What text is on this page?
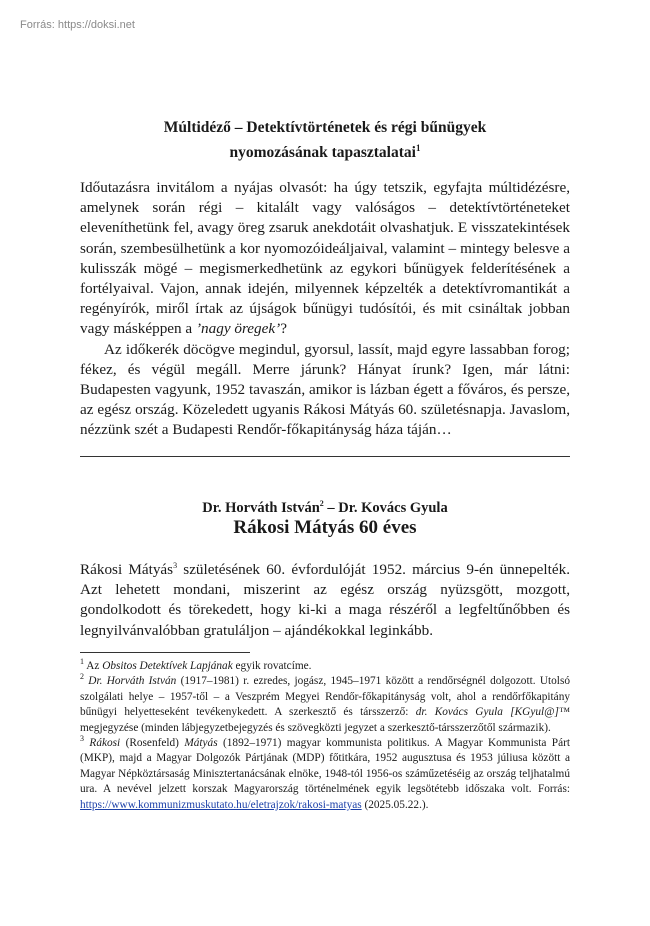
Forrás: https://doksi.net
Múltidéző – Detektívtörténetek és régi bűnügyek
nyomozásának tapasztalatai$^1$

Időutazásra invitálom a nyájas olvasót: ha úgy tetszik, egyfajta múltidézésre, amelynek során régi – kitalált vagy valóságos – detektívtörténeteket eleveníthetünk fel, avagy öreg zsaruk anekdotáit olvashatjuk. E visszatekintések során, szembesülhetünk a kor nyomozóideáljaival, valamint – mintegy belesve a kulisszák mögé – megismerkedhetünk az egykori bűnügyek felderítésének a fortélyaival. Vajon, annak idején, milyennek képzelték a detektívromantikát a regényírók, miről írtak az újságok bűnügyi tudósítói, és mit csináltak jobban vagy másképpen a ’nagy öregek’?

Az időkerék döcögve megindul, gyorsul, lassít, majd egyre lassabban forog; fékez, és végül megáll. Merre járunk? Hányat írunk? Igen, már látni: Budapesten vagyunk, 1952 tavaszán, amikor is lázban égett a főváros, és persze, az egész ország. Közeledett ugyanis Rákosi Mátyás 60. születésnapja. Javaslom, nézzünk szét a Budapesti Rendőr-főkapitányság háza táján…

Dr. Horváth István$^2$ – Dr. Kovács Gyula
Rákosi Mátyás 60 éves

Rákosi Mátyás$^3$ születésének 60. évfordulóját 1952. március 9-én ünnepelték. Azt lehetett mondani, miszerint az egész ország nyüzsgött, mozgott, gondolkodott és törekedett, hogy ki-ki a maga részéről a legfeltűnőbben és legnyilvánvalóbban gratuláljon – ajándékokkal leginkább.

$^1$ Az Obsitos Detektívek Lapjának egyik rovatcíme.

$^2$ Dr. Horváth István (1917–1981) r. ezredes, jogász, 1945–1971 között a rendőrségnél dolgozott. Utolsó szolgálati helye – 1957-től – a Veszprém Megyei Rendőr-főkapitányság volt, ahol a rendőrfőkapitány bűnügyi helyetteseként tevékenykedett. A szerkesztő és társszerző: dr. Kovács Gyula [KGyul@]™ megjegyzése (minden lábjegyzetbejegyzés és szövegközti jegyzet a szerkesztő-társszerzőtől származik).

$^3$ Rákosi (Rosenfeld) Mátyás (1892–1971) magyar kommunista politikus. A Magyar Kommunista Párt (MKP), majd a Magyar Dolgozók Pártjának (MDP) főtitkára, 1952 augusztusa és 1953 júliusa között a Magyar Népköztársaság Minisztertanácsának elnöke, 1948-tól 1956-os száműzetéséig az ország teljhatalmú ura. A nevével jelzett korszak Magyarország történelmének egyik legsötétebb időszaka volt. Forrás: https://www.kommunizmuskutato.hu/eletrajzok/rakosi-matyas (2025.05.22.).
